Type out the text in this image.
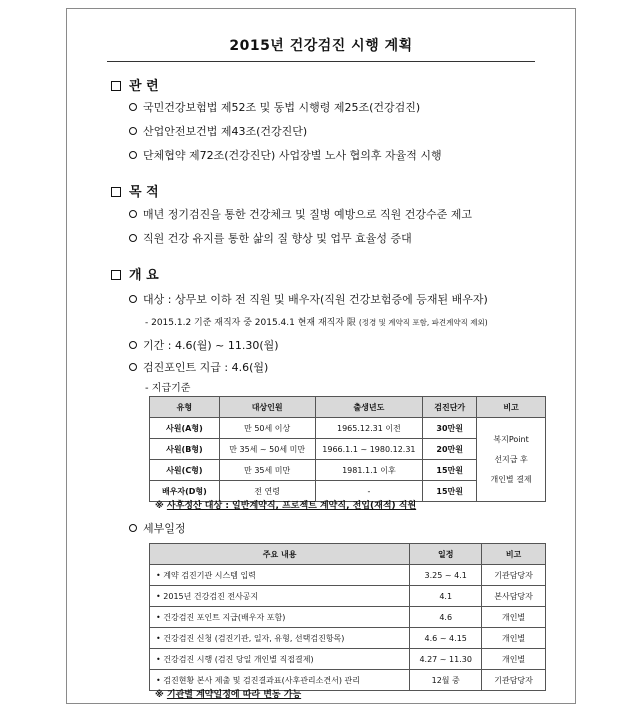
2015년 건강검진 시행 계획
관 련
국민건강보험법 제52조 및 동법 시행령 제25조(건강검진)
산업안전보건법 제43조(건강진단)
단체협약 제72조(건강진단) 사업장별 노사 협의후 자율적 시행
목 적
매년 정기검진을 통한 건강체크 및 질병 예방으로 직원 건강수준 제고
직원 건강 유지를 통한 삶의 질 향상 및 업무 효율성 증대
개 요
대상 : 상무보 이하 전 직원 및 배우자(직원 건강보험증에 등재된 배우자)
- 2015.1.2 기준 재직자 중 2015.4.1 현재 재직자 限 (정경 및 계약직 포함, 파견계약직 제외)
기간 : 4.6(월) ~ 11.30(월)
검진포인트 지급 : 4.6(월)
- 지급기준
유형	대상인원	출생년도	검진단가	비고
사원(A형)	만 50세 이상	1965.12.31 이전	30만원	복지Point
선지급 후
개인별 결제

사원(B형)	만 35세 ~ 50세 미만	1966.1.1 ~ 1980.12.31	20만원	
사원(C형)	만 35세 미만	1981.1.1 이후	15만원	
배우자(D형)	전 연령	-	15만원	
※ 사후정산 대상 : 일반계약직, 프로젝트 계약직, 전입(재적) 직원
세부일정
주요 내용	일정	비고
• 계약 검진기관 시스템 입력	3.25 ~ 4.1	기관담당자
• 2015년 건강검진 전사공지	4.1	본사담당자
• 건강검진 포인트 지급(배우자 포함)	4.6	개인별
• 건강검진 신청 (검진기관, 일자, 유형, 선택검진항목)	4.6 ~ 4.15	개인별
• 건강검진 시행 (검진 당일 개인별 직접결제)	4.27 ~ 11.30	개인별
• 검진현황 본사 제출 및 검진결과표(사후관리소견서) 관리	12월 중	기관담당자
※ 기관별 계약일정에 따라 변동 가능
